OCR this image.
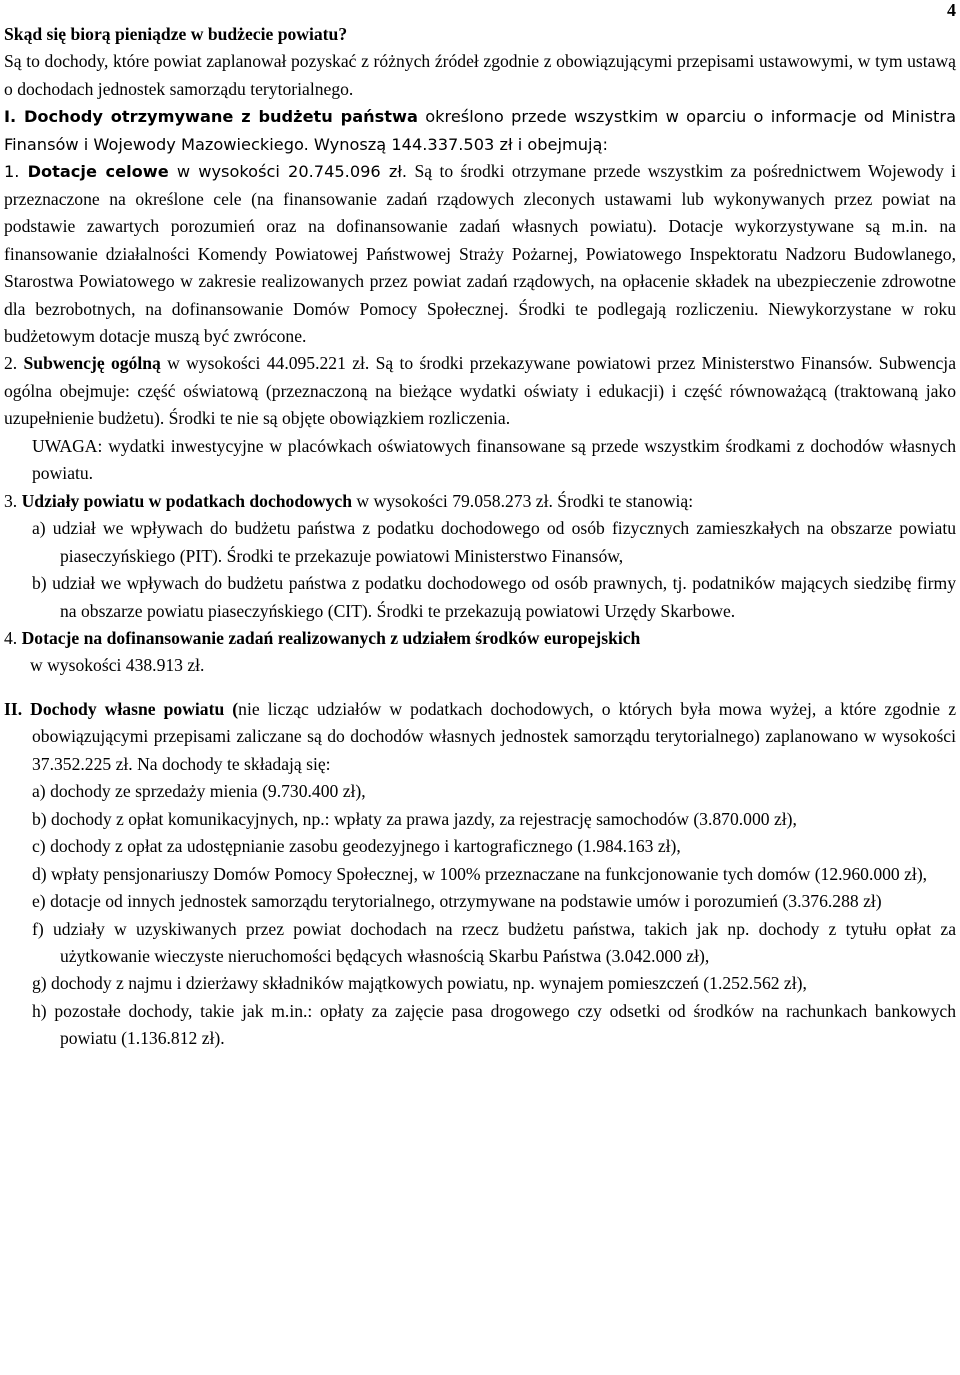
4

Skąd się biorą pieniądze w budżecie powiatu?

Są to dochody, które powiat zaplanował pozyskać z różnych źródeł zgodnie z obowiązującymi przepisami ustawowymi, w tym ustawą o dochodach jednostek samorządu terytorialnego.

I. Dochody otrzymywane z budżetu państwa określono przede wszystkim w oparciu o informacje od Ministra Finansów i Wojewody Mazowieckiego. Wynoszą 144.337.503 zł i obejmują:

1. Dotacje celowe w wysokości 20.745.096 zł. Są to środki otrzymane przede wszystkim za pośrednictwem Wojewody i przeznaczone na określone cele (na finansowanie zadań rządowych zleconych ustawami lub wykonywanych przez powiat na podstawie zawartych porozumień oraz na dofinansowanie zadań własnych powiatu). Dotacje wykorzystywane są m.in. na finansowanie działalności Komendy Powiatowej Państwowej Straży Pożarnej, Powiatowego Inspektoratu Nadzoru Budowlanego, Starostwa Powiatowego w zakresie realizowanych przez powiat zadań rządowych, na opłacenie składek na ubezpieczenie zdrowotne dla bezrobotnych, na dofinansowanie Domów Pomocy Społecznej. Środki te podlegają rozliczeniu. Niewykorzystane w roku budżetowym dotacje muszą być zwrócone.

2. Subwencję ogólną w wysokości 44.095.221 zł. Są to środki przekazywane powiatowi przez Ministerstwo Finansów. Subwencja ogólna obejmuje: część oświatową (przeznaczoną na bieżące wydatki oświaty i edukacji) i część równoważącą (traktowaną jako uzupełnienie budżetu). Środki te nie są objęte obowiązkiem rozliczenia.

UWAGA: wydatki inwestycyjne w placówkach oświatowych finansowane są przede wszystkim środkami z dochodów własnych powiatu.

3. Udziały powiatu w podatkach dochodowych w wysokości 79.058.273 zł. Środki te stanowią:

a) udział we wpływach do budżetu państwa z podatku dochodowego od osób fizycznych zamieszkałych na obszarze powiatu piaseczyńskiego (PIT). Środki te przekazuje powiatowi Ministerstwo Finansów,

b) udział we wpływach do budżetu państwa z podatku dochodowego od osób prawnych, tj. podatników mających siedzibę firmy na obszarze powiatu piaseczyńskiego (CIT). Środki te przekazują powiatowi Urzędy Skarbowe.

4. Dotacje na dofinansowanie zadań realizowanych z udziałem środków europejskich

w wysokości 438.913 zł.

II. Dochody własne powiatu (nie licząc udziałów w podatkach dochodowych, o których była mowa wyżej, a które zgodnie z obowiązującymi przepisami zaliczane są do dochodów własnych jednostek samorządu terytorialnego) zaplanowano w wysokości 37.352.225 zł. Na dochody te składają się:

a) dochody ze sprzedaży mienia (9.730.400 zł),

b) dochody z opłat komunikacyjnych, np.: wpłaty za prawa jazdy, za rejestrację samochodów (3.870.000 zł),

c) dochody z opłat za udostępnianie zasobu geodezyjnego i kartograficznego (1.984.163 zł),

d) wpłaty pensjonariuszy Domów Pomocy Społecznej, w 100% przeznaczane na funkcjonowanie tych domów (12.960.000 zł),

e) dotacje od innych jednostek samorządu terytorialnego, otrzymywane na podstawie umów i porozumień (3.376.288 zł)

f) udziały w uzyskiwanych przez powiat dochodach na rzecz budżetu państwa, takich jak np. dochody z tytułu opłat za użytkowanie wieczyste nieruchomości będących własnością Skarbu Państwa (3.042.000 zł),

g) dochody z najmu i dzierżawy składników majątkowych powiatu, np. wynajem pomieszczeń (1.252.562 zł),

h) pozostałe dochody, takie jak m.in.: opłaty za zajęcie pasa drogowego czy odsetki od środków na rachunkach bankowych powiatu (1.136.812 zł).
